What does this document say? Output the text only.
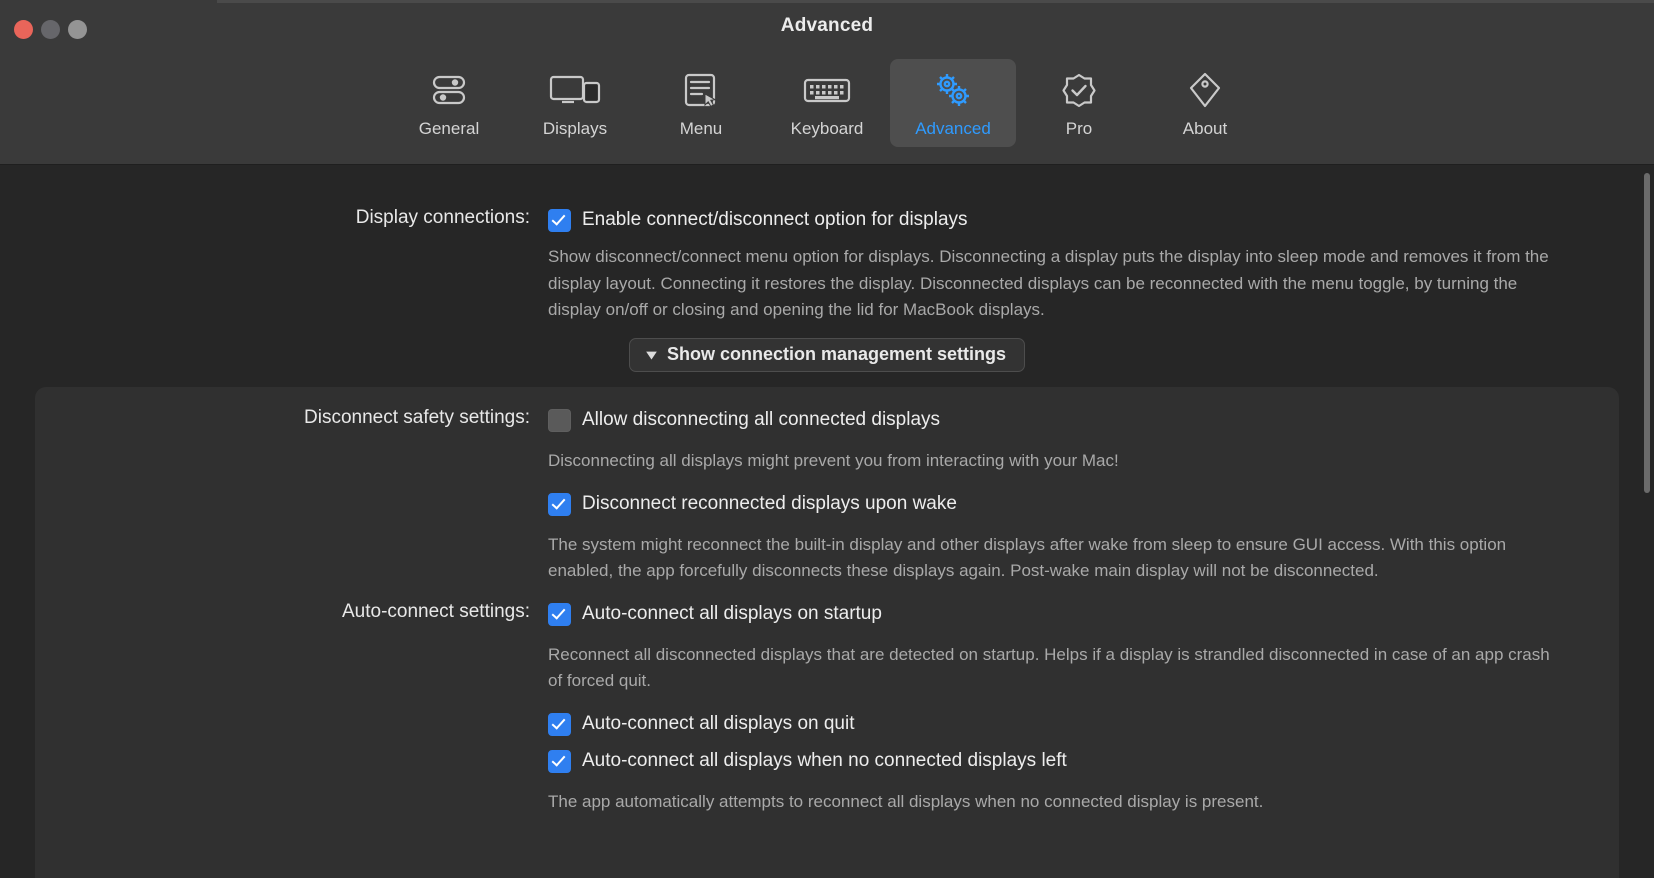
Advanced
General	Displays	Menu	Keyboard	Advanced	Pro	About
Display connections:	Enable connect/disconnect option for displays
Show disconnect/connect menu option for displays. Disconnecting a display puts the display into sleep mode and removes it from the display layout. Connecting it restores the display. Disconnected displays can be reconnected with the menu toggle, by turning the display on/off or closing and opening the lid for MacBook displays.
▾ Show connection management settings
Disconnect safety settings:	Allow disconnecting all connected displays
Disconnecting all displays might prevent you from interacting with your Mac!
Disconnect reconnected displays upon wake
The system might reconnect the built-in display and other displays after wake from sleep to ensure GUI access. With this option enabled, the app forcefully disconnects these displays again. Post-wake main display will not be disconnected.
Auto-connect settings:	Auto-connect all displays on startup
Reconnect all disconnected displays that are detected on startup. Helps if a display is strandled disconnected in case of an app crash of forced quit.
Auto-connect all displays on quit
Auto-connect all displays when no connected displays left
The app automatically attempts to reconnect all displays when no connected display is present.
